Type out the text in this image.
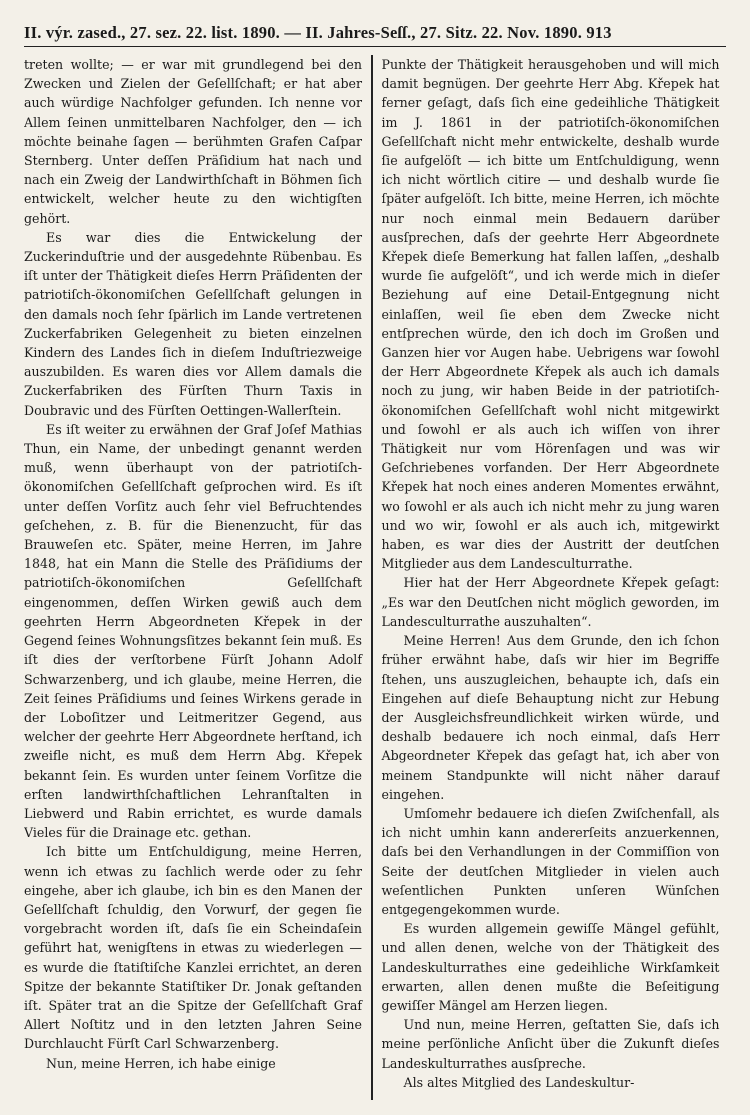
II. výr. zased., 27. sez. 22. list. 1890. — II. Jahres-Seſſ., 27. Sitz. 22. Nov. 1890. 913

treten wollte; — er war mit grundlegend bei den Zwecken und Zielen der Geſellſchaft; er hat aber auch würdige Nachfolger gefunden. Ich nenne vor Allem ſeinen unmittelbaren Nachfolger, den — ich möchte beinahe ſagen — berühmten Grafen Caſpar Sternberg. Unter deſſen Präſidium hat nach und nach ein Zweig der Landwirthſchaft in Böhmen ſich entwickelt, welcher heute zu den wichtigſten gehört.

Es war dies die Entwickelung der Zuckerinduſtrie und der ausgedehnte Rübenbau. Es iſt unter der Thätigkeit dieſes Herrn Präſidenten der patriotiſch-ökonomiſchen Geſellſchaft gelungen in den damals noch ſehr ſpärlich im Lande vertretenen Zuckerfabriken Gelegenheit zu bieten einzelnen Kindern des Landes ſich in dieſem Induſtriezweige auszubilden. Es waren dies vor Allem damals die Zuckerfabriken des Fürſten Thurn Taxis in Doubravic und des Fürſten Oettingen-Wallerſtein.

Es iſt weiter zu erwähnen der Graf Joſef Mathias Thun, ein Name, der unbedingt genannt werden muß, wenn überhaupt von der patriotiſch-ökonomiſchen Geſellſchaft geſprochen wird. Es iſt unter deſſen Vorſitz auch ſehr viel Befruchtendes geſchehen, z. B. für die Bienenzucht, für das Brauweſen etc. Später, meine Herren, im Jahre 1848, hat ein Mann die Stelle des Präſidiums der patriotiſch-ökonomiſchen Geſellſchaft eingenommen, deſſen Wirken gewiß auch dem geehrten Herrn Abgeordneten Křepek in der Gegend ſeines Wohnungsſitzes bekannt ſein muß. Es iſt dies der verſtorbene Fürſt Johann Adolf Schwarzenberg, und ich glaube, meine Herren, die Zeit ſeines Präſidiums und ſeines Wirkens gerade in der Loboſitzer und Leitmeritzer Gegend, aus welcher der geehrte Herr Abgeordnete herſtand, ich zweifle nicht, es muß dem Herrn Abg. Křepek bekannt ſein. Es wurden unter ſeinem Vorſitze die erſten landwirthſchaftlichen Lehranſtalten in Liebwerd und Rabin errichtet, es wurde damals Vieles für die Drainage etc. gethan.

Ich bitte um Entſchuldigung, meine Herren, wenn ich etwas zu ſachlich werde oder zu ſehr eingehe, aber ich glaube, ich bin es den Manen der Geſellſchaft ſchuldig, den Vorwurf, der gegen ſie vorgebracht worden iſt, daſs ſie ein Scheindaſein geführt hat, wenigſtens in etwas zu wiederlegen — es wurde die ſtatiſtiſche Kanzlei errichtet, an deren Spitze der bekannte Statiſtiker Dr. Jonak geſtanden iſt. Später trat an die Spitze der Geſellſchaft Graf Allert Noſtitz und in den letzten Jahren Seine Durchlaucht Fürſt Carl Schwarzenberg.

Nun, meine Herren, ich habe einige

Punkte der Thätigkeit herausgehoben und will mich damit begnügen. Der geehrte Herr Abg. Křepek hat ferner geſagt, daſs ſich eine gedeihliche Thätigkeit im J. 1861 in der patriotiſch-ökonomiſchen Geſellſchaft nicht mehr entwickelte, deshalb wurde ſie aufgelöſt — ich bitte um Entſchuldigung, wenn ich nicht wörtlich citire — und deshalb wurde ſie ſpäter aufgelöſt. Ich bitte, meine Herren, ich möchte nur noch einmal mein Bedauern darüber ausſprechen, daſs der geehrte Herr Abgeordnete Křepek dieſe Bemerkung hat fallen laſſen, „deshalb wurde ſie aufgelöſt“, und ich werde mich in dieſer Beziehung auf eine Detail-Entgegnung nicht einlaſſen, weil ſie eben dem Zwecke nicht entſprechen würde, den ich doch im Großen und Ganzen hier vor Augen habe. Uebrigens war ſowohl der Herr Abgeordnete Křepek als auch ich damals noch zu jung, wir haben Beide in der patriotiſch-ökonomiſchen Geſellſchaft wohl nicht mitgewirkt und ſowohl er als auch ich wiſſen von ihrer Thätigkeit nur vom Hörenſagen und was wir Geſchriebenes vorfanden. Der Herr Abgeordnete Křepek hat noch eines anderen Momentes erwähnt, wo ſowohl er als auch ich nicht mehr zu jung waren und wo wir, ſowohl er als auch ich, mitgewirkt haben, es war dies der Austritt der deutſchen Mitglieder aus dem Landesculturrathe.

Hier hat der Herr Abgeordnete Křepek geſagt: „Es war den Deutſchen nicht möglich geworden, im Landesculturrathe auszuhalten“.

Meine Herren! Aus dem Grunde, den ich ſchon früher erwähnt habe, daſs wir hier im Begriffe ſtehen, uns auszugleichen, behaupte ich, daſs ein Eingehen auf dieſe Behauptung nicht zur Hebung der Ausgleichsfreundlichkeit wirken würde, und deshalb bedauere ich noch einmal, daſs Herr Abgeordneter Křepek das geſagt hat, ich aber von meinem Standpunkte will nicht näher darauf eingehen.

Umſomehr bedauere ich dieſen Zwiſchenfall, als ich nicht umhin kann andererſeits anzuerkennen, daſs bei den Verhandlungen in der Commiſſion von Seite der deutſchen Mitglieder in vielen auch weſentlichen Punkten unſeren Wünſchen entgegengekommen wurde.

Es wurden allgemein gewiſſe Mängel gefühlt, und allen denen, welche von der Thätigkeit des Landeskulturrathes eine gedeihliche Wirkſamkeit erwarten, allen denen mußte die Beſeitigung gewiſſer Mängel am Herzen liegen.

Und nun, meine Herren, geſtatten Sie, daſs ich meine perſönliche Anſicht über die Zukunft dieſes Landeskulturrathes ausſpreche.

Als altes Mitglied des Landeskultur-
